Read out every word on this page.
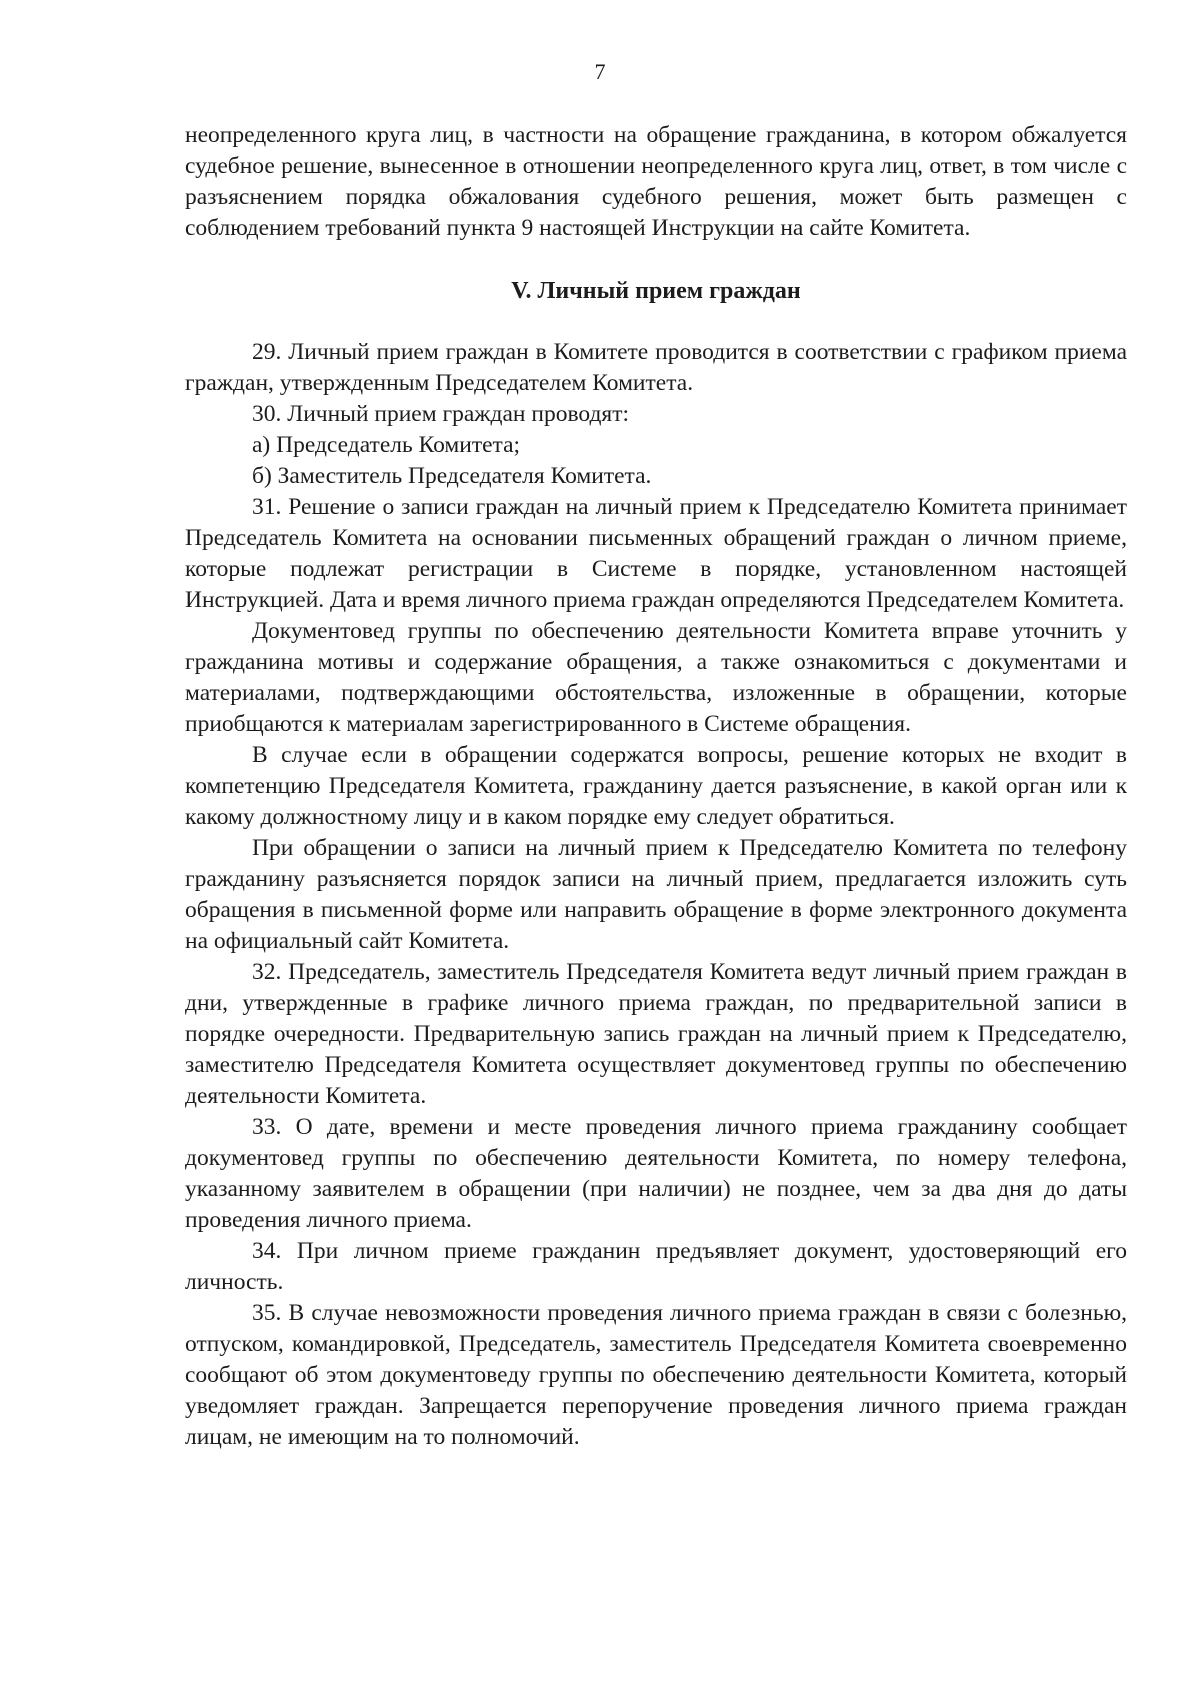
7

неопределенного круга лиц, в частности на обращение гражданина, в котором обжалуется судебное решение, вынесенное в отношении неопределенного круга лиц, ответ, в том числе с разъяснением порядка обжалования судебного решения, может быть размещен с соблюдением требований пункта 9 настоящей Инструкции на сайте Комитета.

V. Личный прием граждан

29. Личный прием граждан в Комитете проводится в соответствии с графиком приема граждан, утвержденным Председателем Комитета.

30. Личный прием граждан проводят:

а) Председатель Комитета;

б) Заместитель Председателя Комитета.

31. Решение о записи граждан на личный прием к Председателю Комитета принимает Председатель Комитета на основании письменных обращений граждан о личном приеме, которые подлежат регистрации в Системе в порядке, установленном настоящей Инструкцией. Дата и время личного приема граждан определяются Председателем Комитета.

Документовед группы по обеспечению деятельности Комитета вправе уточнить у гражданина мотивы и содержание обращения, а также ознакомиться с документами и материалами, подтверждающими обстоятельства, изложенные в обращении, которые приобщаются к материалам зарегистрированного в Системе обращения.

В случае если в обращении содержатся вопросы, решение которых не входит в компетенцию Председателя Комитета, гражданину дается разъяснение, в какой орган или к какому должностному лицу и в каком порядке ему следует обратиться.

При обращении о записи на личный прием к Председателю Комитета по телефону гражданину разъясняется порядок записи на личный прием, предлагается изложить суть обращения в письменной форме или направить обращение в форме электронного документа на официальный сайт Комитета.

32. Председатель, заместитель Председателя Комитета ведут личный прием граждан в дни, утвержденные в графике личного приема граждан, по предварительной записи в порядке очередности. Предварительную запись граждан на личный прием к Председателю, заместителю Председателя Комитета осуществляет документовед группы по обеспечению деятельности Комитета.

33. О дате, времени и месте проведения личного приема гражданину сообщает документовед группы по обеспечению деятельности Комитета, по номеру телефона, указанному заявителем в обращении (при наличии) не позднее, чем за два дня до даты проведения личного приема.

34. При личном приеме гражданин предъявляет документ, удостоверяющий его личность.

35. В случае невозможности проведения личного приема граждан в связи с болезнью, отпуском, командировкой, Председатель, заместитель Председателя Комитета своевременно сообщают об этом документоведу группы по обеспечению деятельности Комитета, который уведомляет граждан. Запрещается перепоручение проведения личного приема граждан лицам, не имеющим на то полномочий.
